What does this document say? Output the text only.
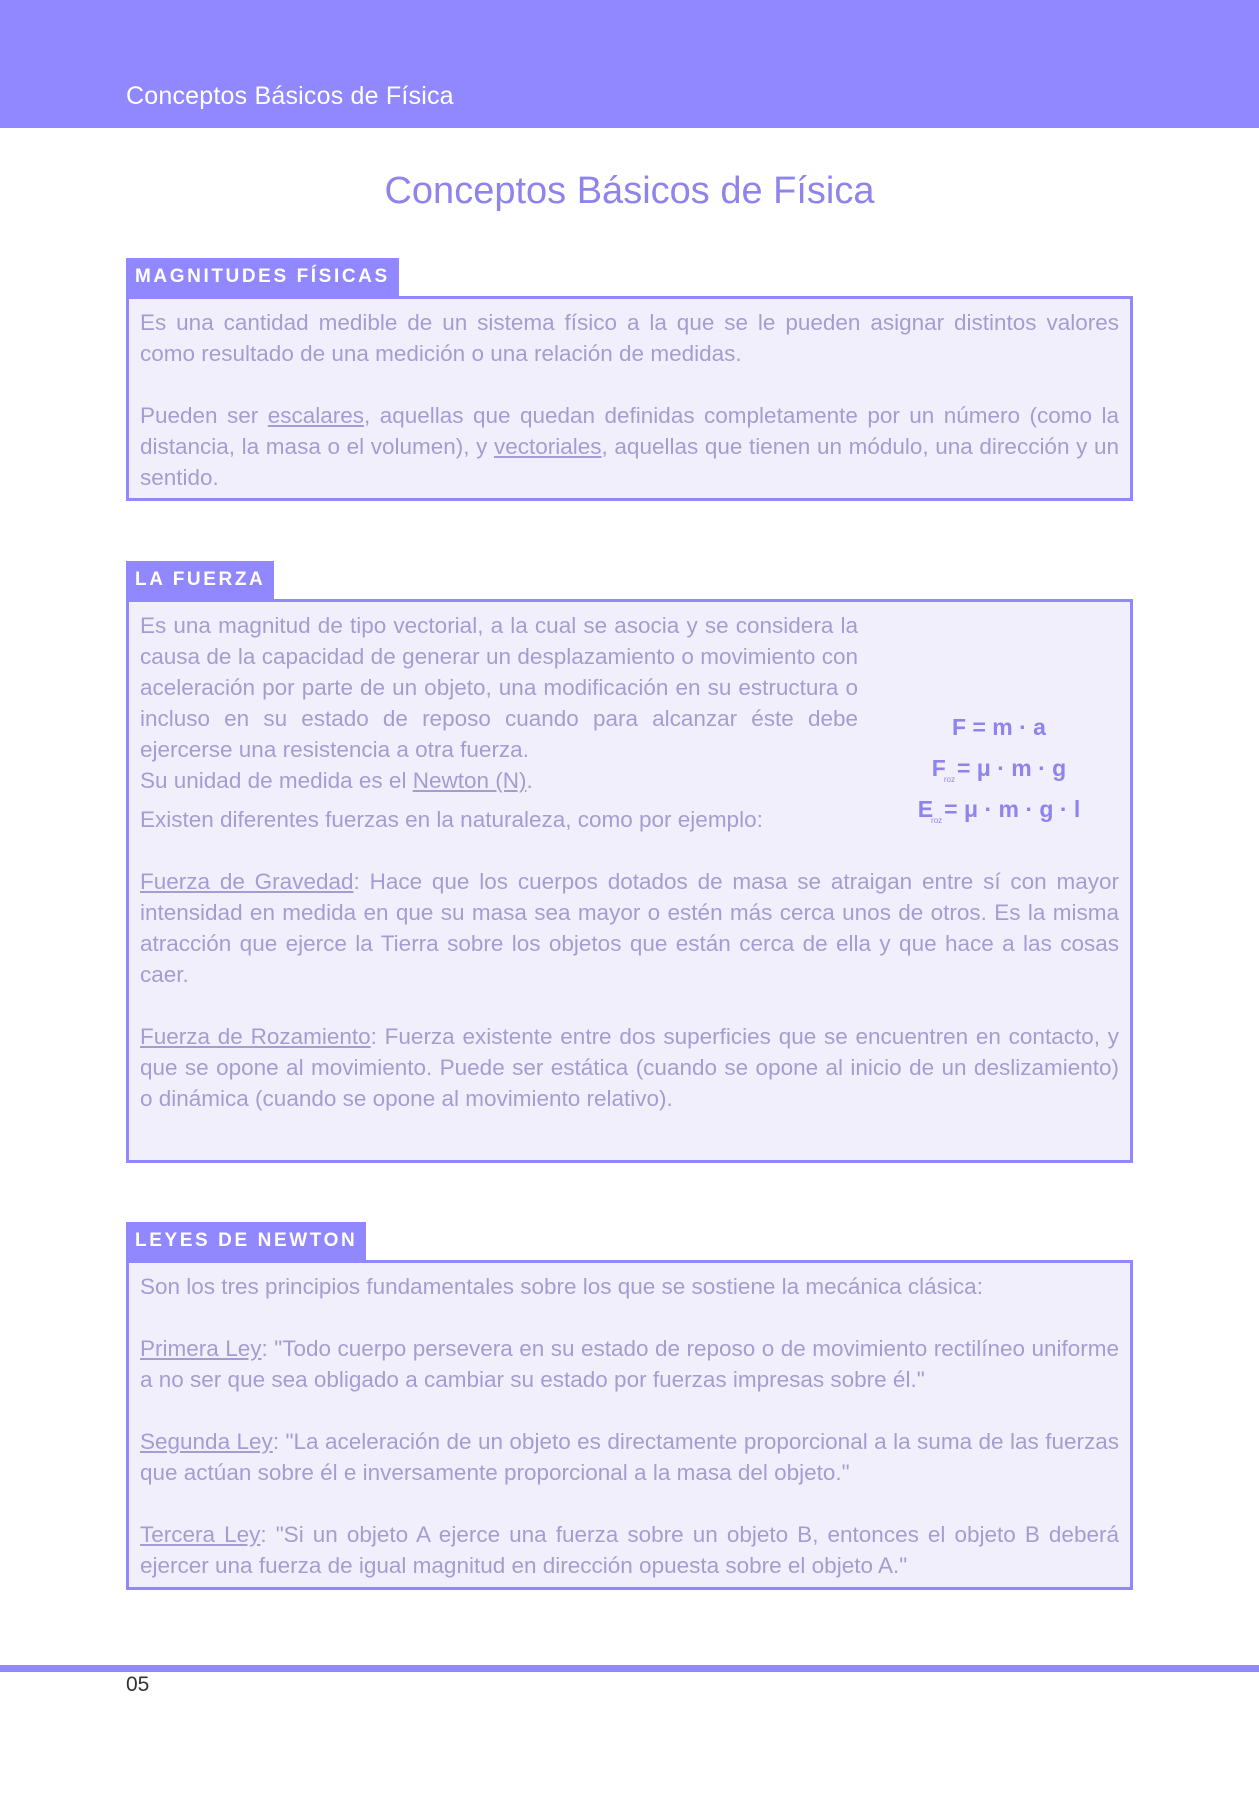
Conceptos Básicos de Física
Conceptos Básicos de Física
MAGNITUDES FÍSICAS

Es una cantidad medible de un sistema físico a la que se le pueden asignar distintos valores como resultado de una medición o una relación de medidas.

Pueden ser escalares, aquellas que quedan definidas completamente por un número (como la distancia, la masa o el volumen), y vectoriales, aquellas que tienen un módulo, una dirección y un sentido.

LA FUERZA

Es una magnitud de tipo vectorial, a la cual se asocia y se considera la causa de la capacidad de generar un desplazamiento o movimiento con aceleración por parte de un objeto, una modificación en su estructura o incluso en su estado de reposo cuando para alcanzar éste debe ejercerse una resistencia a otra fuerza.

Su unidad de medida es el Newton (N).

Existen diferentes fuerzas en la naturaleza, como por ejemplo:

Fuerza de Gravedad: Hace que los cuerpos dotados de masa se atraigan entre sí con mayor intensidad en medida en que su masa sea mayor o estén más cerca unos de otros. Es la misma atracción que ejerce la Tierra sobre los objetos que están cerca de ella y que hace a las cosas caer.

Fuerza de Rozamiento: Fuerza existente entre dos superficies que se encuentren en contacto, y que se opone al movimiento. Puede ser estática (cuando se opone al inicio de un deslizamiento) o dinámica (cuando se opone al movimiento relativo).

F = m · a
$F_{roz}= \mu \cdot m \cdot g$
$E_{roz}= \mu \cdot m \cdot g \cdot l$
LEYES DE NEWTON

Son los tres principios fundamentales sobre los que se sostiene la mecánica clásica:

Primera Ley: "Todo cuerpo persevera en su estado de reposo o de movimiento rectilíneo uniforme a no ser que sea obligado a cambiar su estado por fuerzas impresas sobre él."

Segunda Ley: "La aceleración de un objeto es directamente proporcional a la suma de las fuerzas que actúan sobre él e inversamente proporcional a la masa del objeto."

Tercera Ley: "Si un objeto A ejerce una fuerza sobre un objeto B, entonces el objeto B deberá ejercer una fuerza de igual magnitud en dirección opuesta sobre el objeto A."

05
